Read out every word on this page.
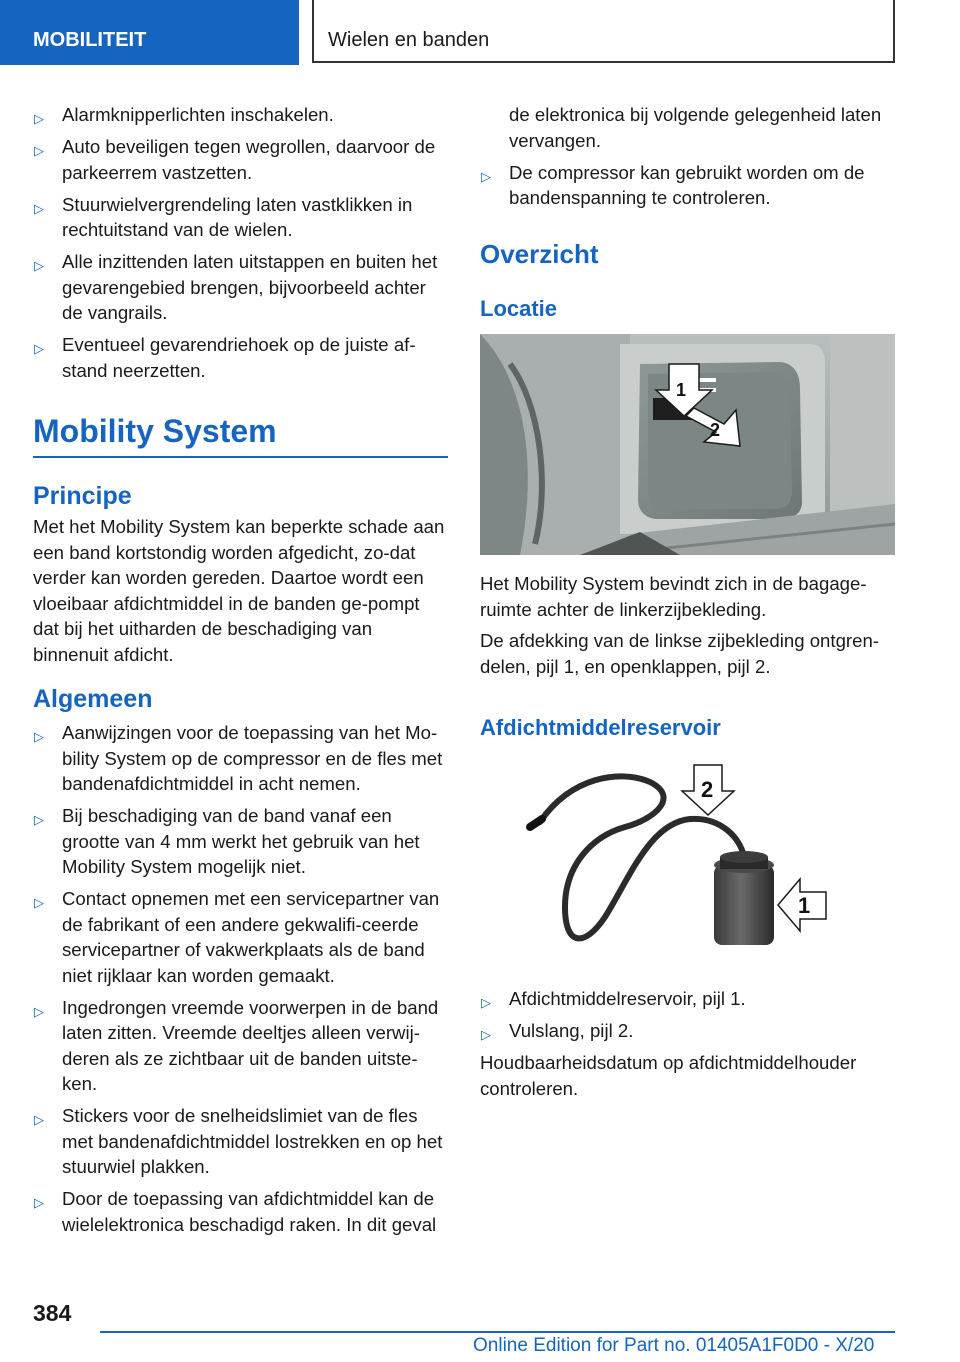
MOBILITEIT	Wielen en banden
▷ Alarmknipperlichten inschakelen.
▷ Auto beveiligen tegen wegrollen, daarvoor de parkeerrem vastzetten.
▷ Stuurwielvergrendeling laten vastklikken in rechtuitstand van de wielen.
▷ Alle inzittenden laten uitstappen en buiten het gevarengebied brengen, bijvoorbeeld achter de vangrails.
▷ Eventueel gevarendriehoek op de juiste af‐stand neerzetten.
Mobility System
Principe

Met het Mobility System kan beperkte schade aan een band kortstondig worden afgedicht, zo‐dat verder kan worden gereden. Daartoe wordt een vloeibaar afdichtmiddel in de banden ge‐pompt dat bij het uitharden de beschadiging van binnenuit afdicht.

Algemeen
▷ Aanwijzingen voor de toepassing van het Mo‐bility System op de compressor en de fles met bandenafdichtmiddel in acht nemen.
▷ Bij beschadiging van de band vanaf een grootte van 4 mm werkt het gebruik van het Mobility System mogelijk niet.
▷ Contact opnemen met een servicepartner van de fabrikant of een andere gekwalifi‐ceerde servicepartner of vakwerkplaats als de band niet rijklaar kan worden gemaakt.
▷ Ingedrongen vreemde voorwerpen in de band laten zitten. Vreemde deeltjes alleen verwij‐deren als ze zichtbaar uit de banden uitste‐ken.
▷ Stickers voor de snelheidslimiet van de fles met bandenafdichtmiddel lostrekken en op het stuurwiel plakken.
▷ Door de toepassing van afdichtmiddel kan de wielelektronica beschadigd raken. In dit geval
de elektronica bij volgende gelegenheid laten vervangen.
▷ De compressor kan gebruikt worden om de bandenspanning te controleren.
Overzicht
Locatie
1
2

Het Mobility System bevindt zich in de bagage‐ruimte achter de linkerzijbekleding.

De afdekking van de linkse zijbekleding ontgren‐delen, pijl 1, en openklappen, pijl 2.

Afdichtmiddelreservoir
2
1
▷ Afdichtmiddelreservoir, pijl 1.
▷ Vulslang, pijl 2.

Houdbaarheidsdatum op afdichtmiddelhouder controleren.

384
Online Edition for Part no. 01405A1F0D0 - X/20
